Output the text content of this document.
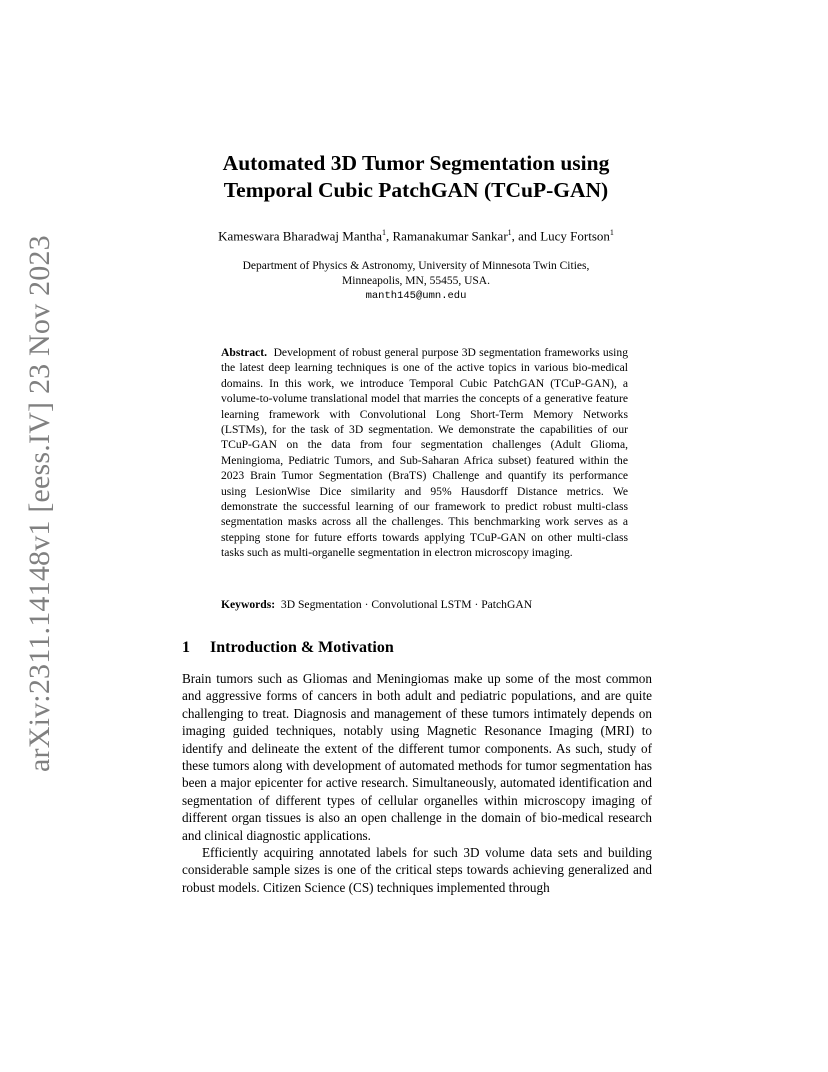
arXiv:2311.14148v1 [eess.IV] 23 Nov 2023
Automated 3D Tumor Segmentation using
Temporal Cubic PatchGAN (TCuP-GAN)
Kameswara Bharadwaj Mantha$^1$, Ramanakumar Sankar$^1$, and Lucy Fortson$^1$
Department of Physics & Astronomy, University of Minnesota Twin Cities,
Minneapolis, MN, 55455, USA.
manth145@umn.edu
Abstract. Development of robust general purpose 3D segmentation frameworks using the latest deep learning techniques is one of the active topics in various bio-medical domains. In this work, we introduce Temporal Cubic PatchGAN (TCuP-GAN), a volume-to-volume translational model that marries the concepts of a generative feature learning framework with Convolutional Long Short-Term Memory Networks (LSTMs), for the task of 3D segmentation. We demonstrate the capabilities of our TCuP-GAN on the data from four segmentation challenges (Adult Glioma, Meningioma, Pediatric Tumors, and Sub-Saharan Africa subset) featured within the 2023 Brain Tumor Segmentation (BraTS) Challenge and quantify its performance using LesionWise Dice similarity and 95% Hausdorff Distance metrics. We demonstrate the successful learning of our framework to predict robust multi-class segmentation masks across all the challenges. This benchmarking work serves as a stepping stone for future efforts towards applying TCuP-GAN on other multi-class tasks such as multi-organelle segmentation in electron microscopy imaging.
Keywords: 3D Segmentation · Convolutional LSTM · PatchGAN
1 Introduction & Motivation

Brain tumors such as Gliomas and Meningiomas make up some of the most common and aggressive forms of cancers in both adult and pediatric populations, and are quite challenging to treat. Diagnosis and management of these tumors intimately depends on imaging guided techniques, notably using Magnetic Resonance Imaging (MRI) to identify and delineate the extent of the different tumor components. As such, study of these tumors along with development of automated methods for tumor segmentation has been a major epicenter for active research. Simultaneously, automated identification and segmentation of different types of cellular organelles within microscopy imaging of different organ tissues is also an open challenge in the domain of bio-medical research and clinical diagnostic applications.

Efficiently acquiring annotated labels for such 3D volume data sets and building considerable sample sizes is one of the critical steps towards achieving generalized and robust models. Citizen Science (CS) techniques implemented through
